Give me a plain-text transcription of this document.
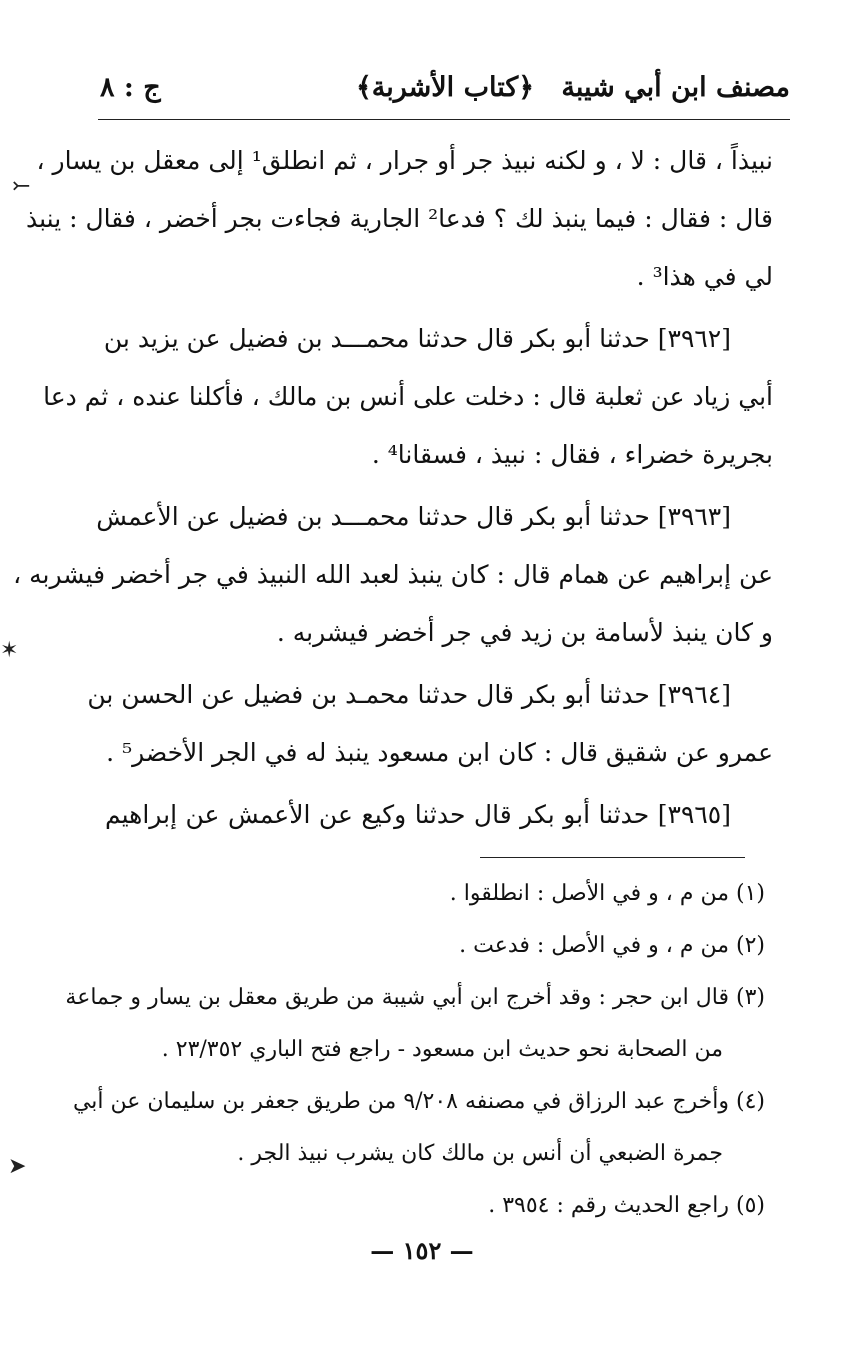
مصنف ابن أبي شيبة
﴿كتاب الأشربة﴾
ج : ٨
نبيذاً ، قال : لا ، و لكنه نبيذ جر أو جرار ، ثم انطلق¹ إلى معقل بن يسار ،
قال : فقال : فيما ينبذ لك ؟ فدعا² الجارية فجاءت بجر أخضر ، فقال : ينبذ
لي في هذا³ .
[٣٩٦٢] حدثنا أبو بكر قال حدثنا محمـــد بن فضيل عن يزيد بن
أبي زياد عن ثعلبة قال : دخلت على أنس بن مالك ، فأكلنا عنده ، ثم دعا
بجريرة خضراء ، فقال : نبيذ ، فسقانا⁴ .
[٣٩٦٣] حدثنا أبو بكر قال حدثنا محمـــد بن فضيل عن الأعمش
عن إبراهيم عن همام قال : كان ينبذ لعبد الله النبيذ في جر أخضر فيشربه ،
و كان ينبذ لأسامة بن زيد في جر أخضر فيشربه .
[٣٩٦٤] حدثنا أبو بكر قال حدثنا محمـد بن فضيل عن الحسن بن
عمرو عن شقيق قال : كان ابن مسعود ينبذ له في الجر الأخضر⁵ .
[٣٩٦٥] حدثنا أبو بكر قال حدثنا وكيع عن الأعمش عن إبراهيم
(١) من م ، و في الأصل : انطلقوا .
(٢) من م ، و في الأصل : فدعت .
(٣) قال ابن حجر : وقد أخرج ابن أبي شيبة من طريق معقل بن يسار و جماعة
من الصحابة نحو حديث ابن مسعود - راجع فتح الباري ٢٣/٣٥٢ .
(٤) وأخرج عبد الرزاق في مصنفه ٩/٢٠٨ من طريق جعفر بن سليمان عن أبي
جمرة الضبعي أن أنس بن مالك كان يشرب نبيذ الجر .
(٥) راجع الحديث رقم : ٣٩٥٤ .
— ١٥٢ —
⤚
✶
➤
